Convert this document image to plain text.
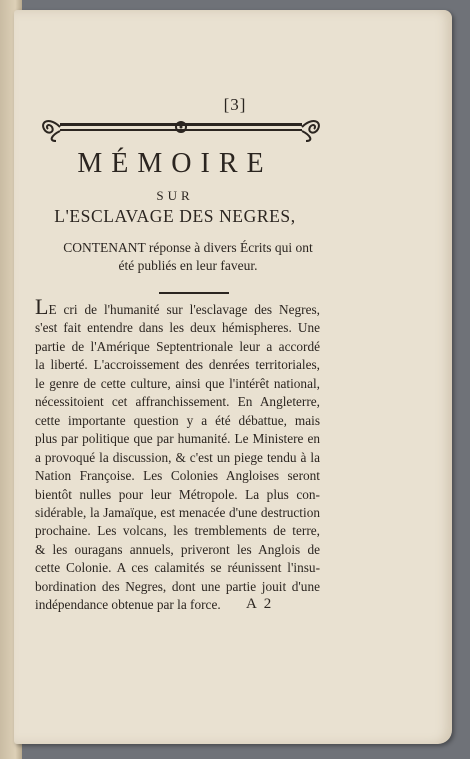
[3]
MÉMOIRE
SUR
L'ESCLAVAGE DES NEGRES,
CONTENANT réponse à divers Écrits qui ont
été publiés en leur faveur.
LE cri de l'humanité sur l'esclavage des Negres,
s'est fait entendre dans les deux hémispheres. Une
partie de l'Amérique Septentrionale leur a accordé
la liberté. L'accroissement des denrées territoriales,
le genre de cette culture, ainsi que l'intérêt national,
nécessitoient cet affranchissement. En Angleterre,
cette importante question y a été débattue, mais
plus par politique que par humanité. Le Ministere en
a provoqué la discussion, & c'est un piege tendu à la
Nation Françoise. Les Colonies Angloises seront
bientôt nulles pour leur Métropole. La plus con-
sidérable, la Jamaïque, est menacée d'une destruction
prochaine. Les volcans, les tremblements de terre,
& les ouragans annuels, priveront les Anglois de
cette Colonie. A ces calamités se réunissent l'insu-
bordination des Negres, dont une partie jouit d'une
indépendance obtenue par la force.	A 2
